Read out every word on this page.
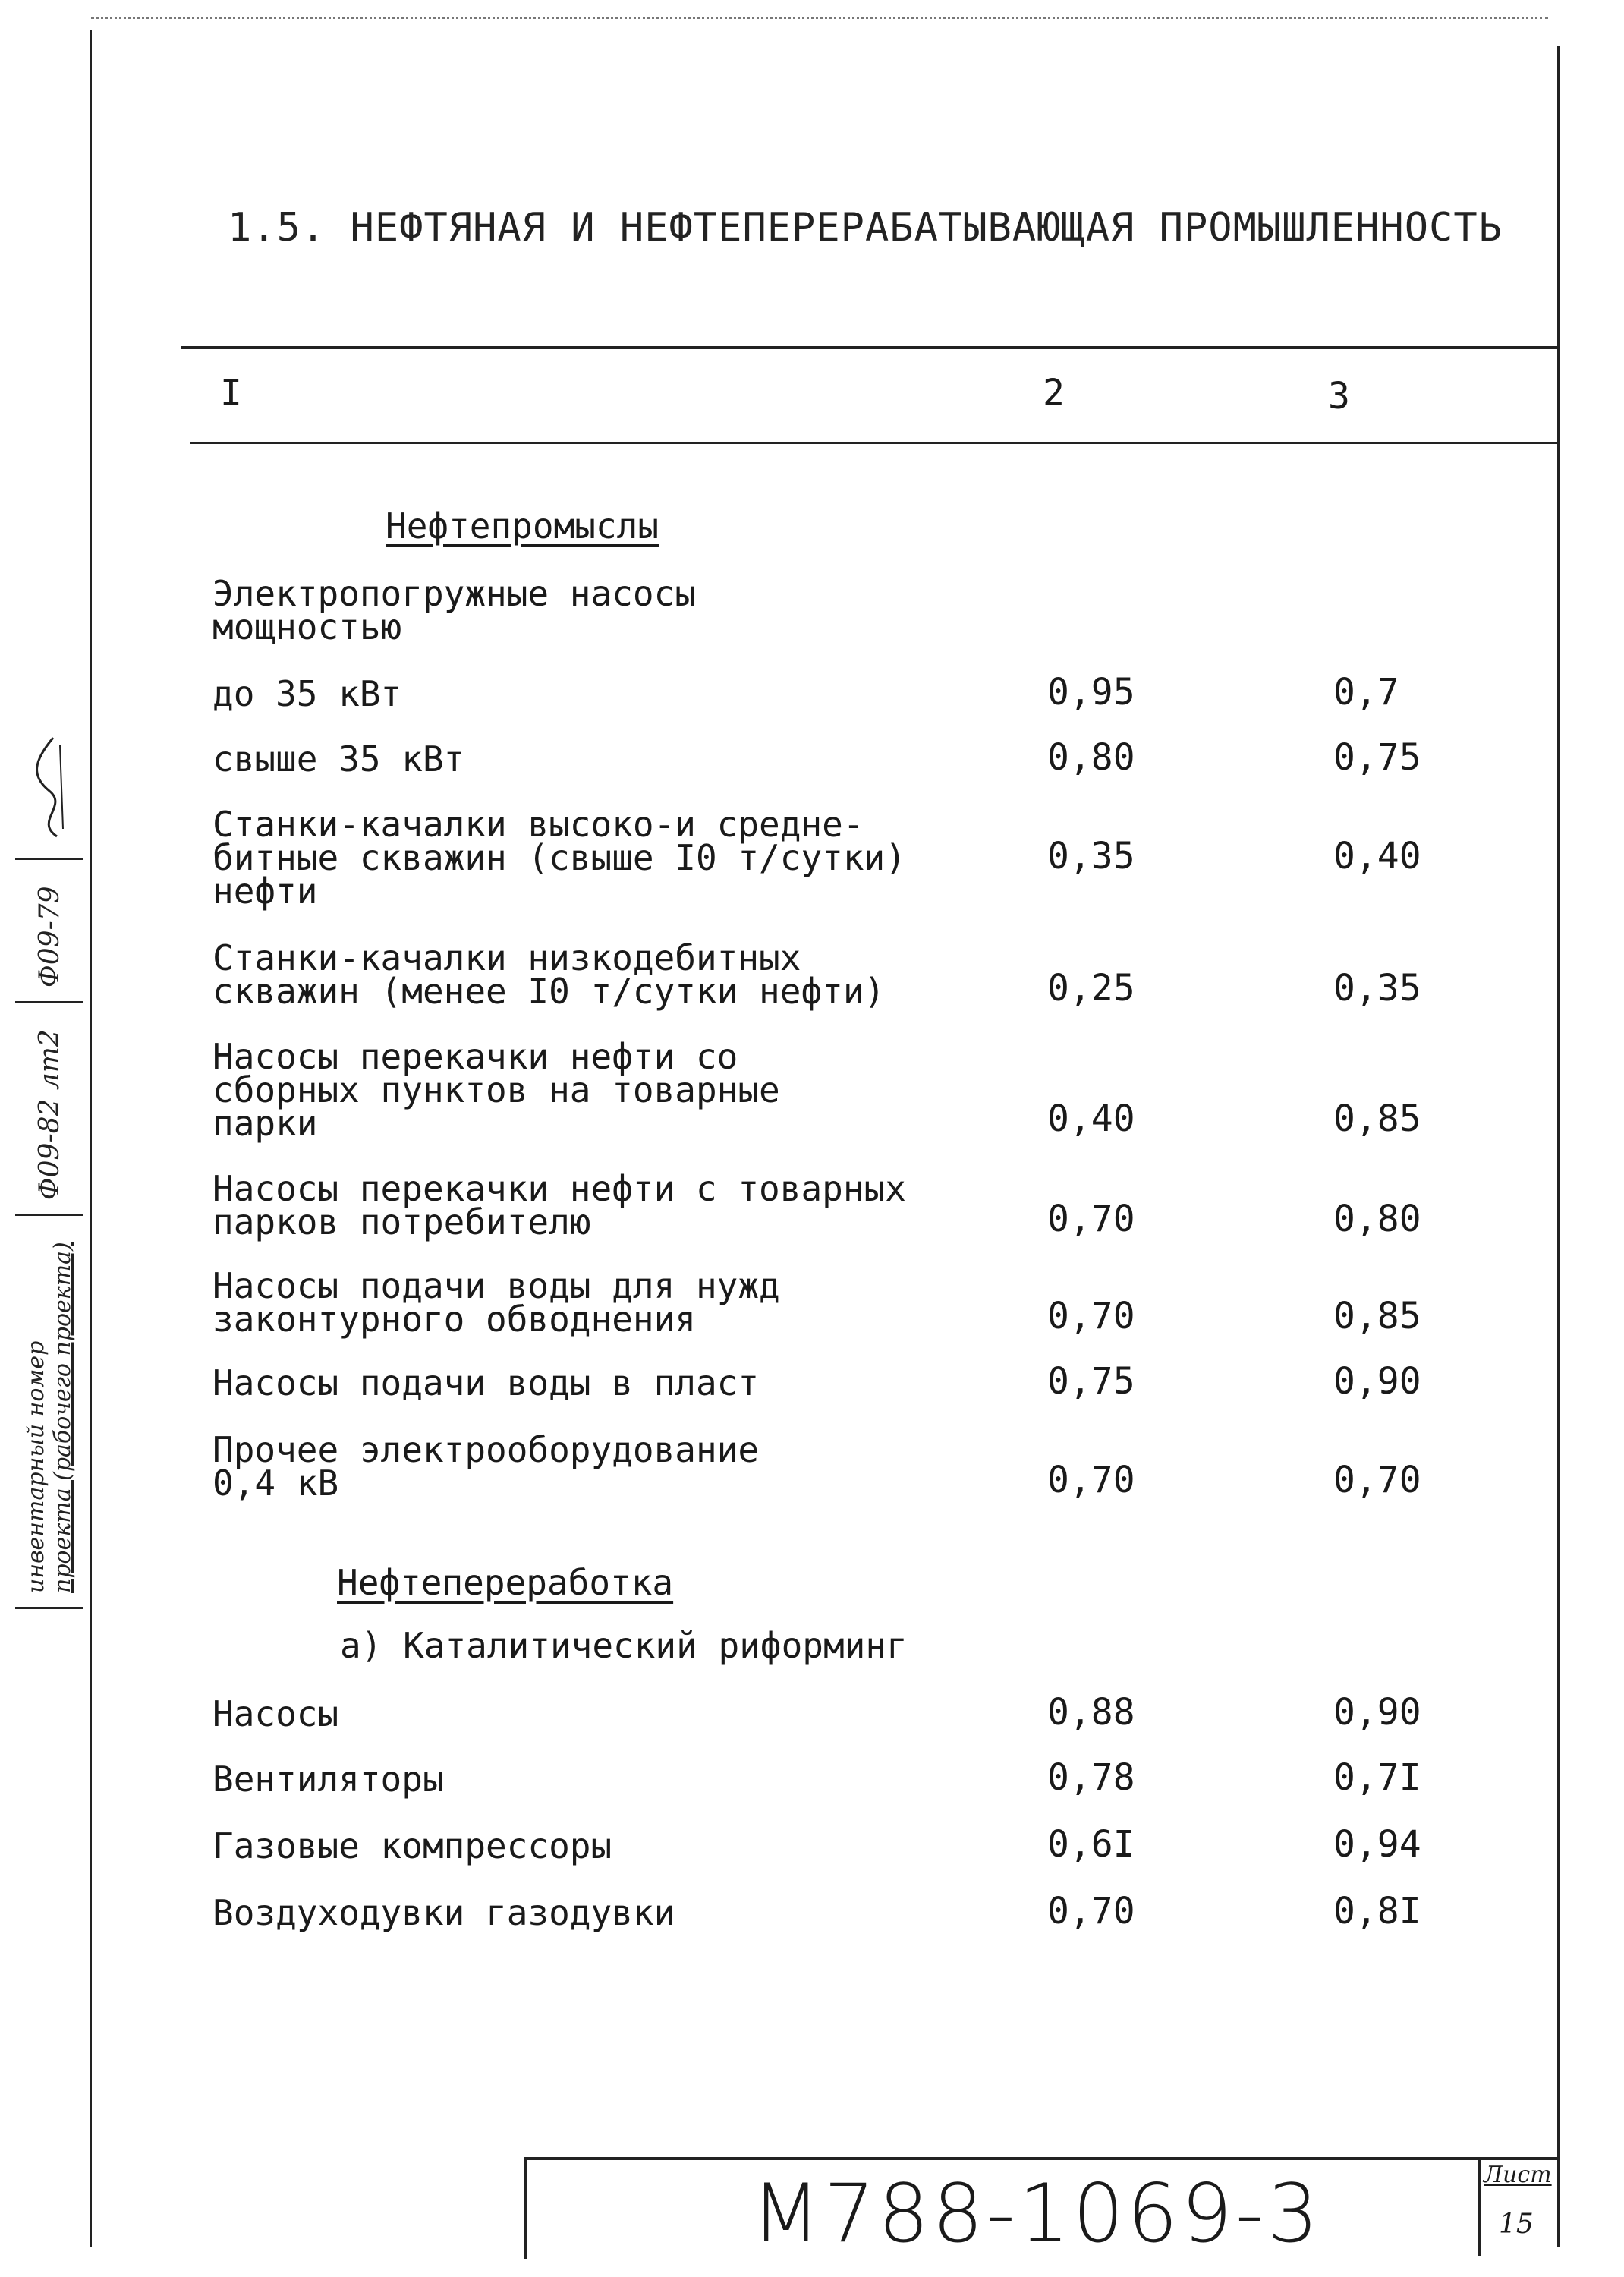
1.5. НЕФТЯНАЯ И НЕФТЕПЕРЕРАБАТЫВАЮЩАЯ ПРОМЫШЛЕННОСТЬ
I	2	3
Нефтепромыслы
Электропогружные насосы
мощностью
до 35 кВт	0,95	0,7
свыше 35 кВт	0,80	0,75
Станки-качалки высоко-и средне-
битные скважин (свыше I0 т/сутки)
нефти
0,35	0,40
Станки-качалки низкодебитных
скважин (менее I0 т/сутки нефти)	0,25	0,35
Насосы перекачки нефти со
сборных пунктов на товарные
парки	0,40	0,85
Насосы перекачки нефти с товарных
парков потребителю	0,70	0,80
Насосы подачи воды для нужд
законтурного обводнения	0,70	0,85
Насосы подачи воды в пласт	0,75	0,90
Прочее электрооборудование
0,4 кВ	0,70	0,70
Нефтепереработка
а) Каталитический риформинг
Насосы	0,88	0,90
Вентиляторы	0,78	0,7I
Газовые компрессоры	0,6I	0,94
Воздуходувки газодувки	0,70	0,8I
инвентарный номер проекта (рабочего проекта)
Ф09-82 лт2
Ф09-79
М788-1069-3	Лист
15
